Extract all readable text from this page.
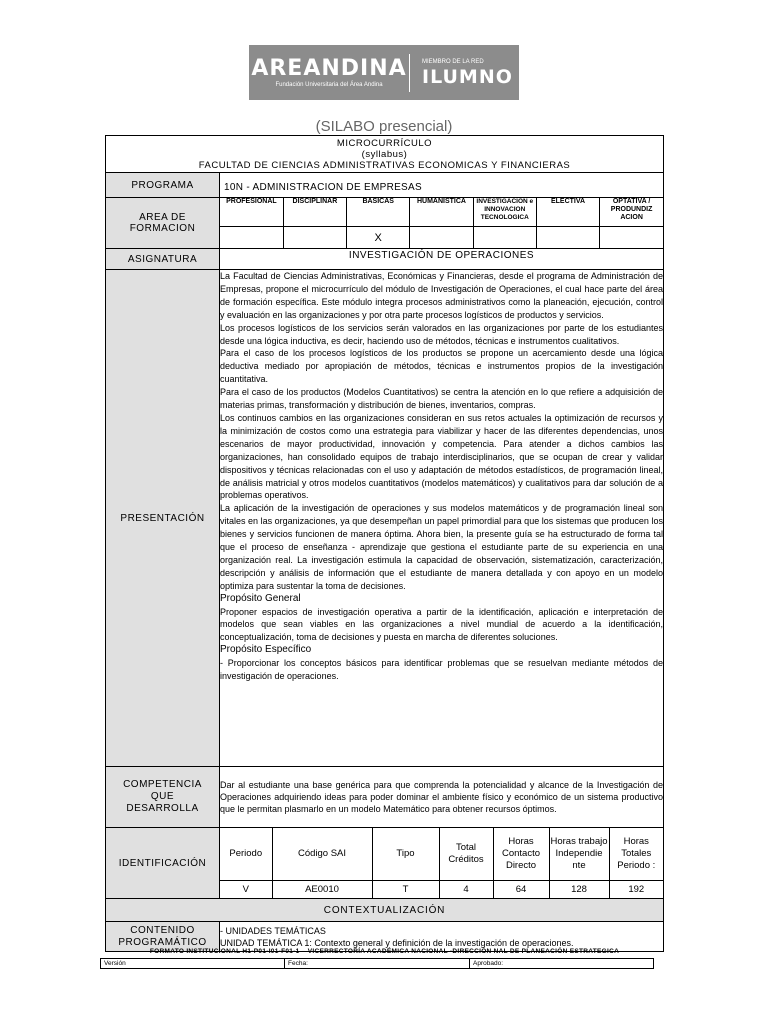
AREANDINA
Fundación Universitaria del Área Andina
MIEMBRO DE LA RED
ILUMNO
(SILABO presencial)
MICROCURRÍCULO
(syllabus)
FACULTAD DE CIENCIAS ADMINISTRATIVAS ECONOMICAS Y FINANCIERAS

PROGRAMA	10N - ADMINISTRACION DE EMPRESAS
AREA DE FORMACION	
PROFESIONAL	DISCIPLINAR	BASICAS	HUMANISTICA	INVESTIGACION e INNOVACION TECNOLOGICA	ELECTIVA	OPTATIVA / PRODUNDIZ ACION
		X				

ASIGNATURA	INVESTIGACIÓN DE OPERACIONES
PRESENTACIÓN	

La Facultad de Ciencias Administrativas, Económicas y Financieras, desde el programa de Administración de Empresas, propone el microcurrículo del módulo de Investigación de Operaciones, el cual hace parte del área de formación específica. Este módulo integra procesos administrativos como la planeación, ejecución, control y evaluación en las organizaciones y por otra parte procesos logísticos de productos y servicios.

Los procesos logísticos de los servicios serán valorados en las organizaciones por parte de los estudiantes desde una lógica inductiva, es decir, haciendo uso de métodos, técnicas e instrumentos cualitativos.

Para el caso de los procesos logísticos de los productos se propone un acercamiento desde una lógica deductiva mediado por apropiación de métodos, técnicas e instrumentos propios de la investigación cuantitativa.

Para el caso de los productos (Modelos Cuantitativos) se centra la atención en lo que refiere a adquisición de materias primas, transformación y distribución de bienes, inventarios, compras.

Los continuos cambios en las organizaciones consideran en sus retos actuales la optimización de recursos y la minimización de costos como una estrategia para viabilizar y hacer de las diferentes dependencias, unos escenarios de mayor productividad, innovación y competencia. Para atender a dichos cambios las organizaciones, han consolidado equipos de trabajo interdisciplinarios, que se ocupan de crear y validar dispositivos y técnicas relacionadas con el uso y adaptación de métodos estadísticos, de programación lineal, de análisis matricial y otros modelos cuantitativos (modelos matemáticos) y cualitativos para dar solución de a problemas operativos.

La aplicación de la investigación de operaciones y sus modelos matemáticos y de programación lineal son vitales en las organizaciones, ya que desempeñan un papel primordial para que los sistemas que producen los bienes y servicios funcionen de manera óptima. Ahora bien, la presente guía se ha estructurado de forma tal que el proceso de enseñanza - aprendizaje que gestiona el estudiante parte de su experiencia en una organización real. La investigación estimula la capacidad de observación, sistematización, caracterización, descripción y análisis de información que el estudiante de manera detallada y con apoyo en un modelo optimiza para sustentar la toma de decisiones.

Propósito General

Proponer espacios de investigación operativa a partir de la identificación, aplicación e interpretación de modelos que sean viables en las organizaciones a nivel mundial de acuerdo a la identificación, conceptualización, toma de decisiones y puesta en marcha de diferentes soluciones.

Propósito Específico

- Proporcionar los conceptos básicos para identificar problemas que se resuelvan mediante métodos de investigación de operaciones.

COMPETENCIA QUE DESARROLLA	Dar al estudiante una base genérica para que comprenda la potencialidad y alcance de la Investigación de Operaciones adquiriendo ideas para poder dominar el ambiente físico y económico de un sistema productivo que le permitan plasmarlo en un modelo Matemático para obtener recursos óptimos.
IDENTIFICACIÓN	
Periodo	Código SAI	Tipo	Total Créditos	Horas Contacto Directo	Horas trabajo Independie nte	Horas Totales Periodo :
V	AE0010	T	4	64	128	192

CONTEXTUALIZACIÓN
CONTENIDO PROGRAMÁTICO	
- UNIDADES TEMÁTICAS
UNIDAD TEMÁTICA 1: Contexto general y definición de la investigación de operaciones.
FORMATO INSTITUCIONAL H1-P01-I01-F01-1 – VICERRECTORÍA ACADÉMICA NACIONAL -DIRECCIÓN NAL DE PLANEACIÓN ESTRATEGICA
Versión	Fecha:	Aprobado:
